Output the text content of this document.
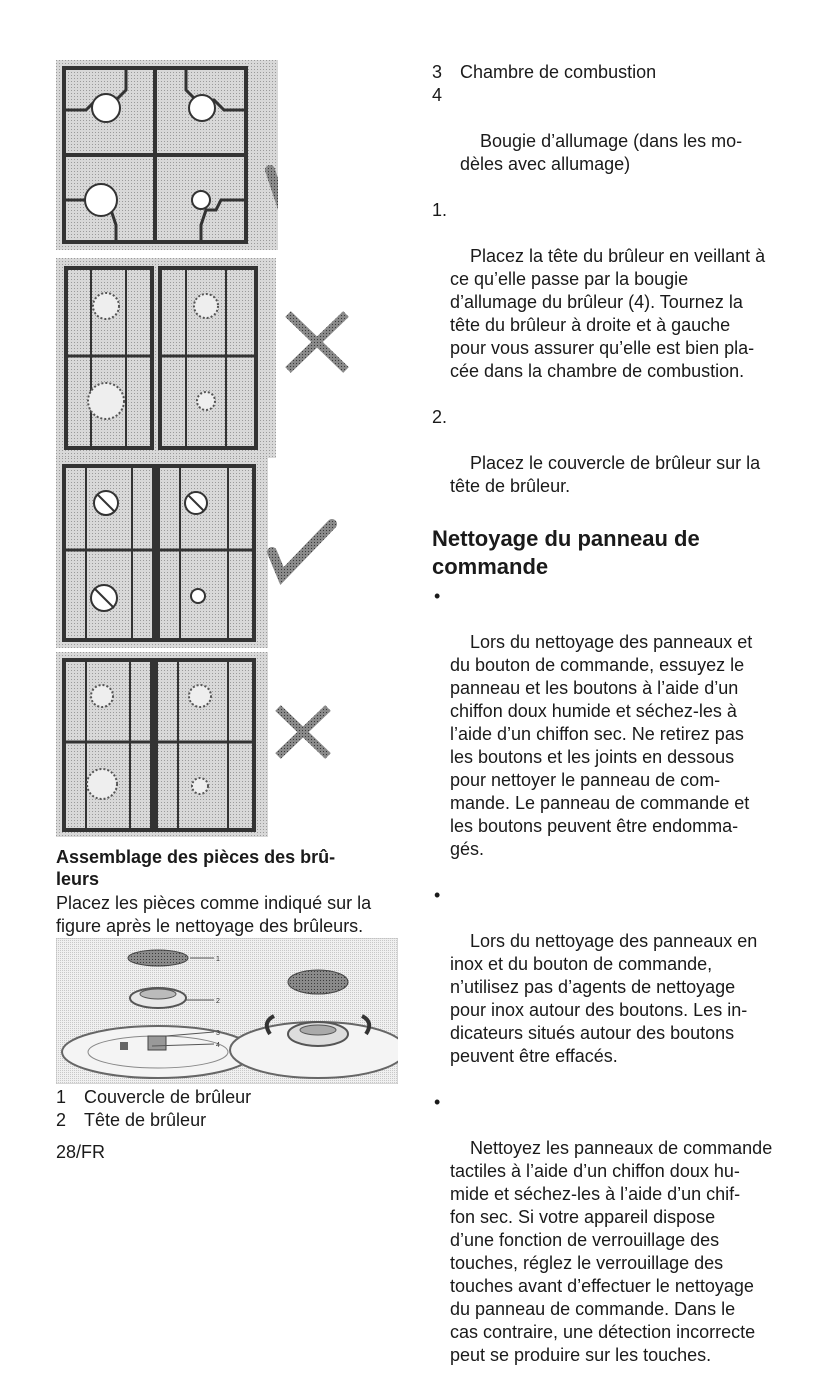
Assemblage des pièces des brû-
leurs
Placez les pièces comme indiqué sur la figure après le nettoyage des brûleurs.
1
2
3
4
1 Couvercle de brûleur
2 Tête de brûleur
28/FR
3 Chambre de combustion

4

Bougie d’allumage (dans les mo-
dèles avec allumage)

1.

Placez la tête du brûleur en veillant à
ce qu’elle passe par la bougie
d’allumage du brûleur (4). Tournez la
tête du brûleur à droite et à gauche
pour vous assurer qu’elle est bien pla-
cée dans la chambre de combustion.

2.

Placez le couvercle de brûleur sur la
tête de brûleur.

Nettoyage du panneau de
commande

•

Lors du nettoyage des panneaux et
du bouton de commande, essuyez le
panneau et les boutons à l’aide d’un
chiffon doux humide et séchez-les à
l’aide d’un chiffon sec. Ne retirez pas
les boutons et les joints en dessous
pour nettoyer le panneau de com-
mande. Le panneau de commande et
les boutons peuvent être endomma-
gés.

•

Lors du nettoyage des panneaux en
inox et du bouton de commande,
n’utilisez pas d’agents de nettoyage
pour inox autour des boutons. Les in-
dicateurs situés autour des boutons
peuvent être effacés.

•

Nettoyez les panneaux de commande
tactiles à l’aide d’un chiffon doux hu-
mide et séchez-les à l’aide d’un chif-
fon sec. Si votre appareil dispose
d’une fonction de verrouillage des
touches, réglez le verrouillage des
touches avant d’effectuer le nettoyage
du panneau de commande. Dans le
cas contraire, une détection incorrecte
peut se produire sur les touches.
